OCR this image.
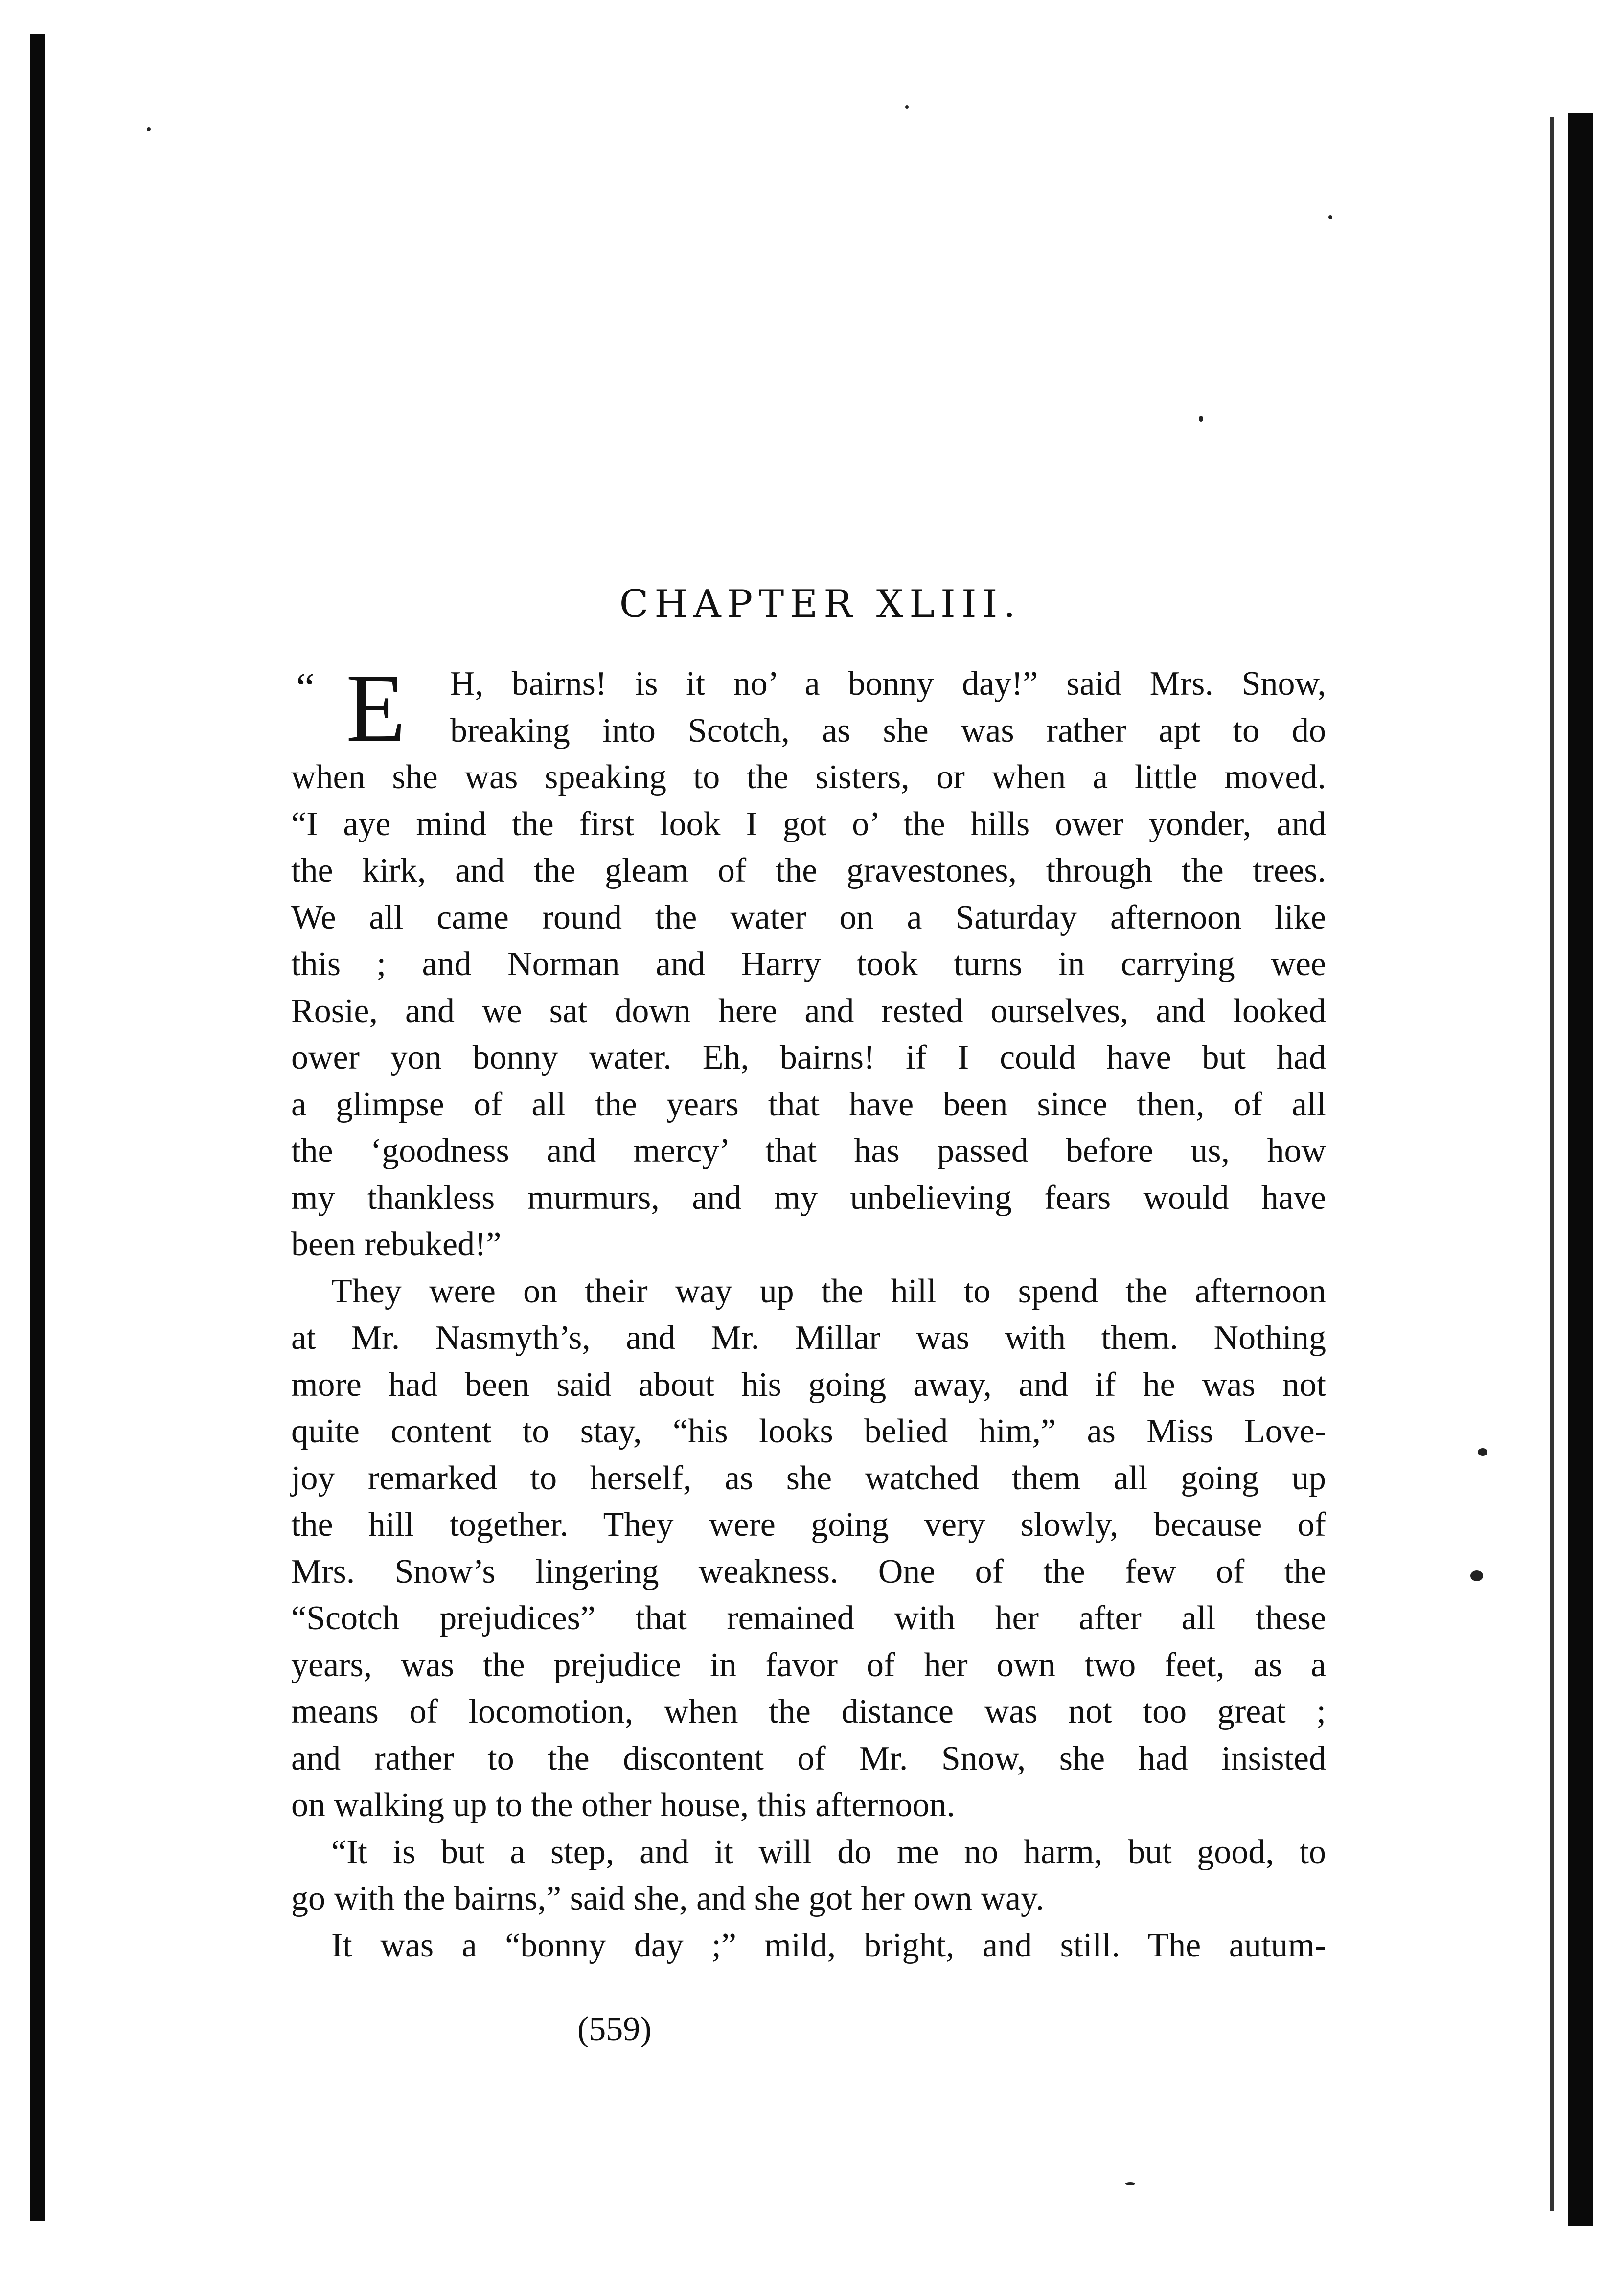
CHAPTER XLIII.
“ E	H, bairns! is it no’ a bonny day!” said Mrs. Snow,
breaking into Scotch, as she was rather apt to do
when she was speaking to the sisters, or when a little moved.
“I aye mind the first look I got o’ the hills ower yonder, and
the kirk, and the gleam of the gravestones, through the trees.
We all came round the water on a Saturday afternoon like
this ; and Norman and Harry took turns in carrying wee
Rosie, and we sat down here and rested ourselves, and looked
ower yon bonny water. Eh, bairns! if I could have but had
a glimpse of all the years that have been since then, of all
the ‘goodness and mercy’ that has passed before us, how
my thankless murmurs, and my unbelieving fears would have
been rebuked!”

They were on their way up the hill to spend the afternoon
at Mr. Nasmyth’s, and Mr. Millar was with them. Nothing
more had been said about his going away, and if he was not
quite content to stay, “his looks belied him,” as Miss Love-
joy remarked to herself, as she watched them all going up
the hill together. They were going very slowly, because of
Mrs. Snow’s lingering weakness. One of the few of the
“Scotch prejudices” that remained with her after all these
years, was the prejudice in favor of her own two feet, as a
means of locomotion, when the distance was not too great ;
and rather to the discontent of Mr. Snow, she had insisted
on walking up to the other house, this afternoon.

“It is but a step, and it will do me no harm, but good, to
go with the bairns,” said she, and she got her own way.

It was a “bonny day ;” mild, bright, and still. The autum-

(559)
